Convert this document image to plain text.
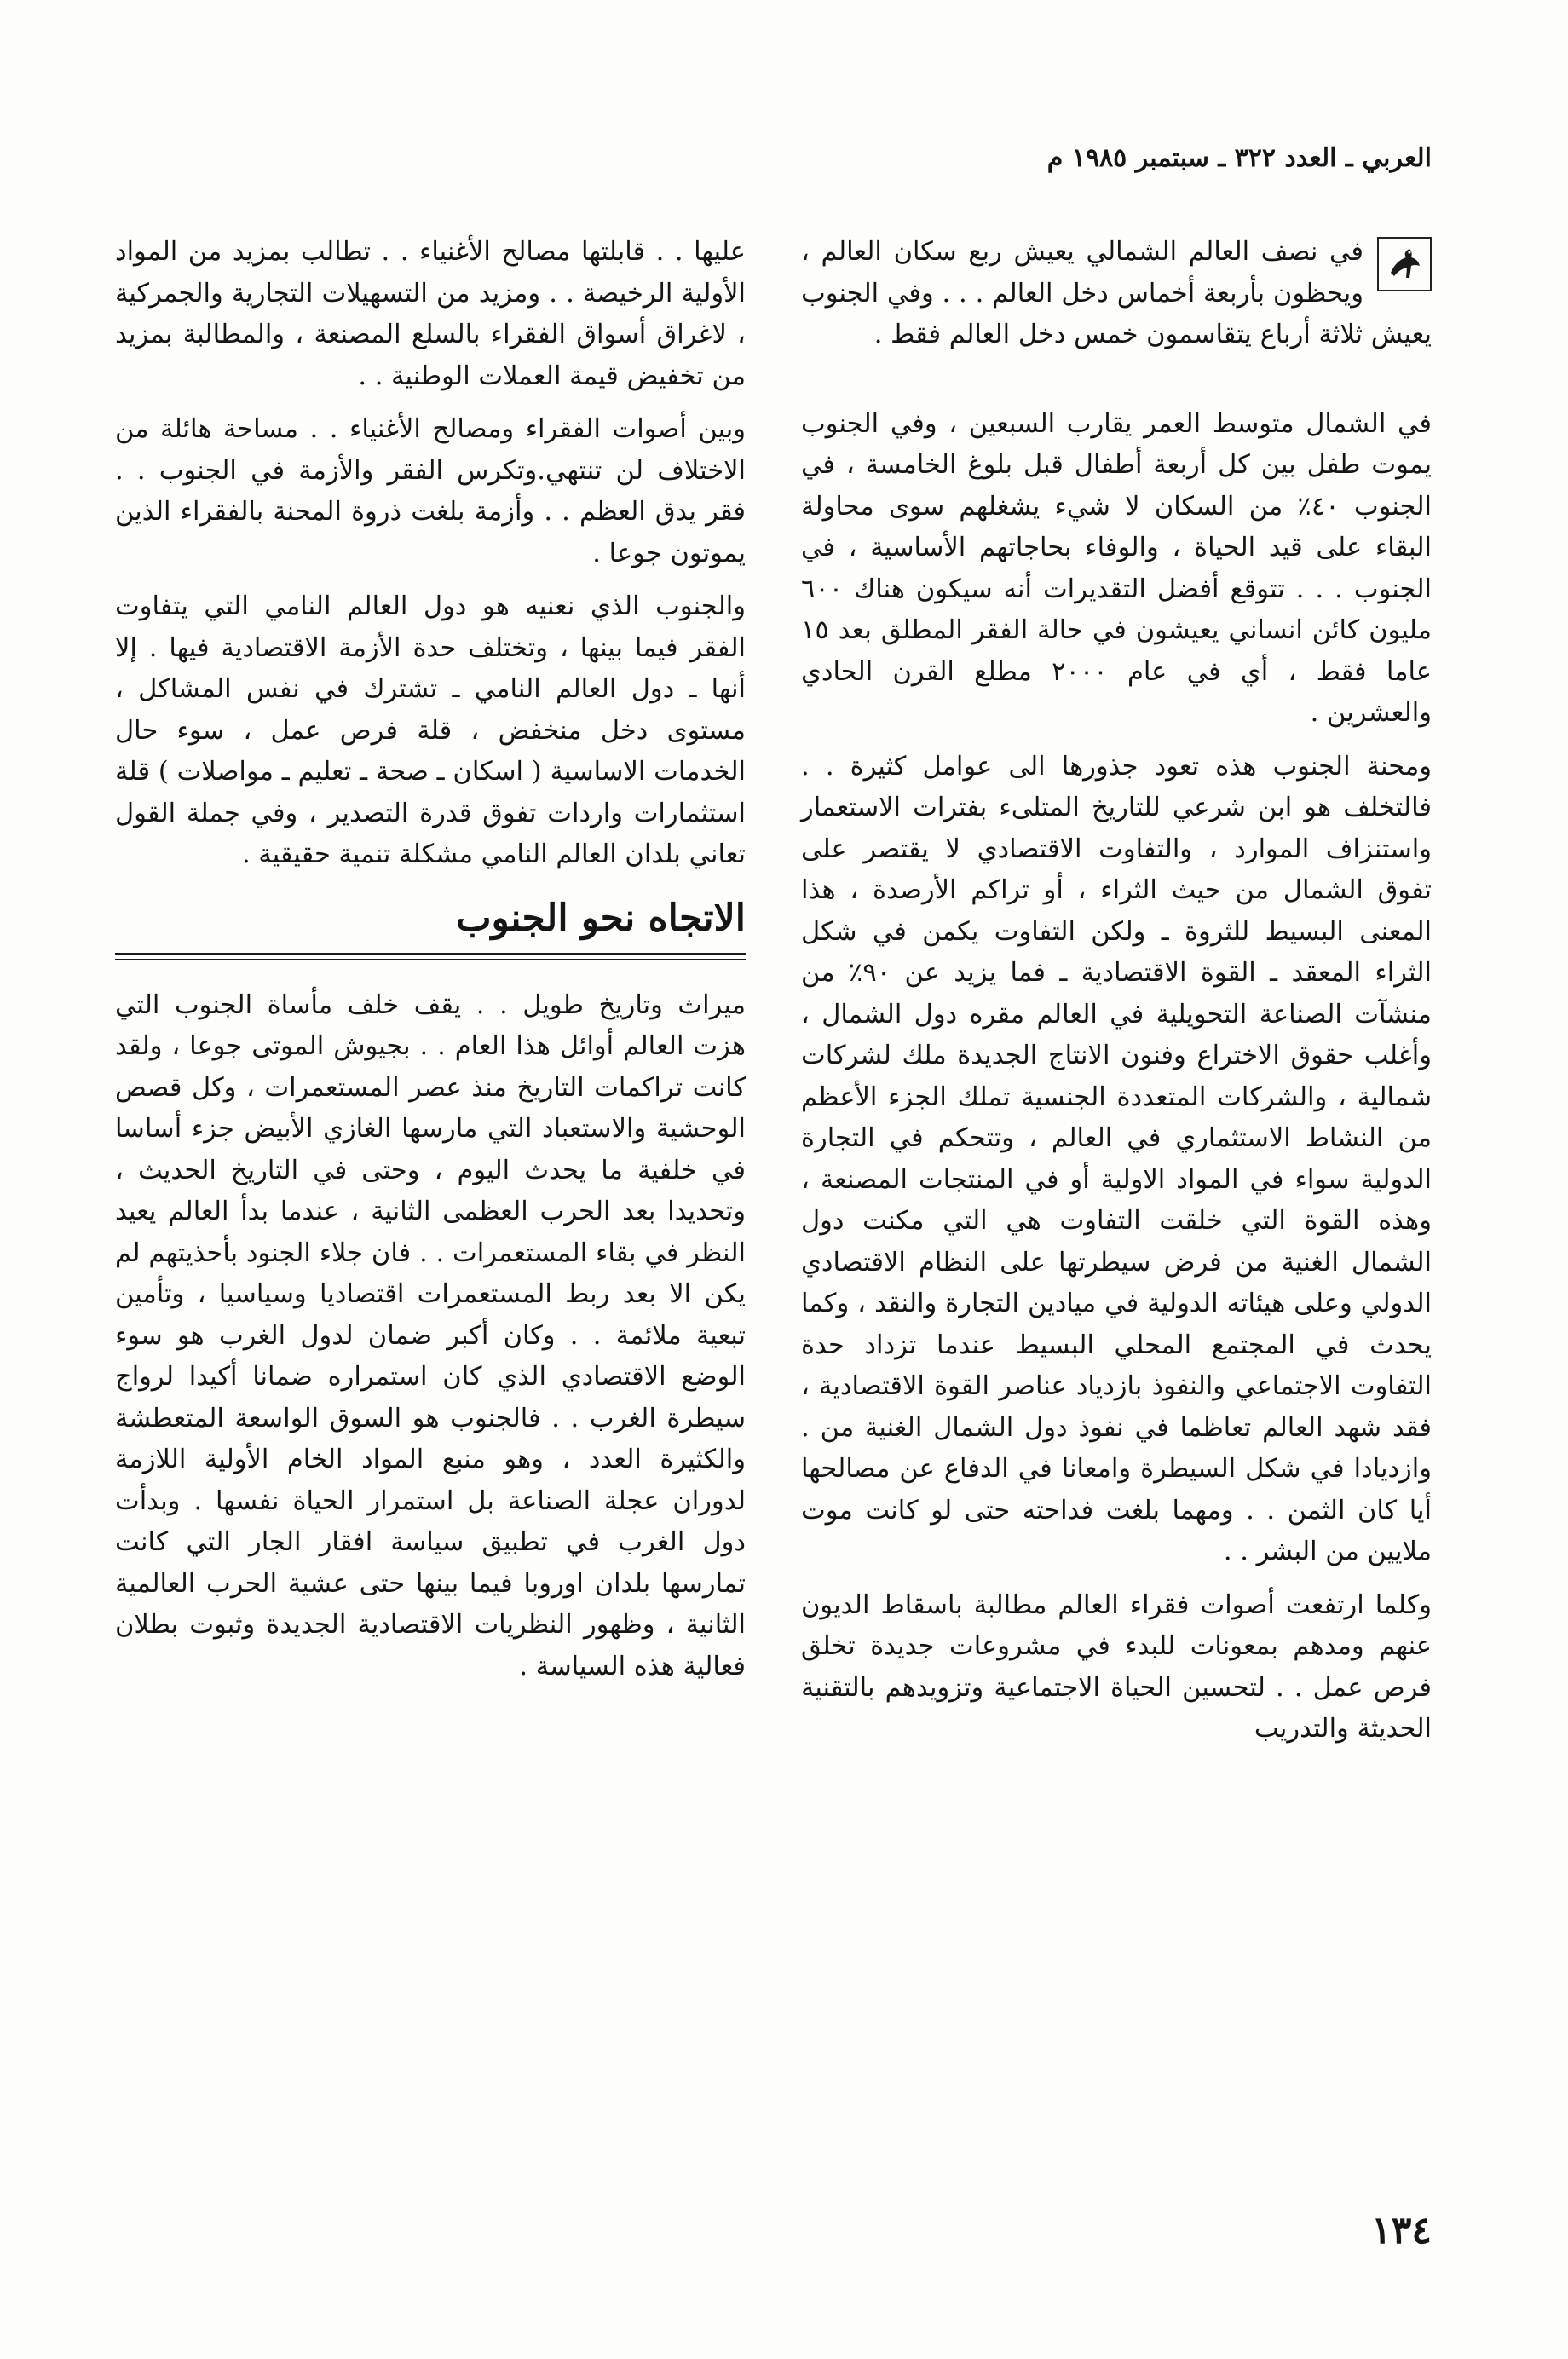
العربي ـ العدد ٣٢٢ ـ سبتمبر ١٩٨٥ م

في نصف العالم الشمالي يعيش ربع سكان العالم ، ويحظون بأربعة أخماس دخل العالم . . . وفي الجنوب يعيش ثلاثة أرباع يتقاسمون خمس دخل العالم فقط .

في الشمال متوسط العمر يقارب السبعين ، وفي الجنوب يموت طفل بين كل أربعة أطفال قبل بلوغ الخامسة ، في الجنوب ٤٠٪ من السكان لا شيء يشغلهم سوى محاولة البقاء على قيد الحياة ، والوفاء بحاجاتهم الأساسية ، في الجنوب . . . تتوقع أفضل التقديرات أنه سيكون هناك ٦٠٠ مليون كائن انساني يعيشون في حالة الفقر المطلق بعد ١٥ عاما فقط ، أي في عام ٢٠٠٠ مطلع القرن الحادي والعشرين .

ومحنة الجنوب هذه تعود جذورها الى عوامل كثيرة . . فالتخلف هو ابن شرعي للتاريخ المتلىء بفترات الاستعمار واستنزاف الموارد ، والتفاوت الاقتصادي لا يقتصر على تفوق الشمال من حيث الثراء ، أو تراكم الأرصدة ، هذا المعنى البسيط للثروة ـ ولكن التفاوت يكمن في شكل الثراء المعقد ـ القوة الاقتصادية ـ فما يزيد عن ٩٠٪ من منشآت الصناعة التحويلية في العالم مقره دول الشمال ، وأغلب حقوق الاختراع وفنون الانتاج الجديدة ملك لشركات شمالية ، والشركات المتعددة الجنسية تملك الجزء الأعظم من النشاط الاستثماري في العالم ، وتتحكم في التجارة الدولية سواء في المواد الاولية أو في المنتجات المصنعة ، وهذه القوة التي خلقت التفاوت هي التي مكنت دول الشمال الغنية من فرض سيطرتها على النظام الاقتصادي الدولي وعلى هيئاته الدولية في ميادين التجارة والنقد ، وكما يحدث في المجتمع المحلي البسيط عندما تزداد حدة التفاوت الاجتماعي والنفوذ بازدياد عناصر القوة الاقتصادية ، فقد شهد العالم تعاظما في نفوذ دول الشمال الغنية من . وازديادا في شكل السيطرة وامعانا في الدفاع عن مصالحها أيا كان الثمن . . ومهما بلغت فداحته حتى لو كانت موت ملايين من البشر . .

وكلما ارتفعت أصوات فقراء العالم مطالبة باسقاط الديون عنهم ومدهم بمعونات للبدء في مشروعات جديدة تخلق فرص عمل . . لتحسين الحياة الاجتماعية وتزويدهم بالتقنية الحديثة والتدريب

عليها . . قابلتها مصالح الأغنياء . . تطالب بمزيد من المواد الأولية الرخيصة . . ومزيد من التسهيلات التجارية والجمركية ، لاغراق أسواق الفقراء بالسلع المصنعة ، والمطالبة بمزيد من تخفيض قيمة العملات الوطنية . .

وبين أصوات الفقراء ومصالح الأغنياء . . مساحة هائلة من الاختلاف لن تنتهي.وتكرس الفقر والأزمة في الجنوب . . فقر يدق العظم . . وأزمة بلغت ذروة المحنة بالفقراء الذين يموتون جوعا .

والجنوب الذي نعنيه هو دول العالم النامي التي يتفاوت الفقر فيما بينها ، وتختلف حدة الأزمة الاقتصادية فيها . إلا أنها ـ دول العالم النامي ـ تشترك في نفس المشاكل ، مستوى دخل منخفض ، قلة فرص عمل ، سوء حال الخدمات الاساسية ( اسكان ـ صحة ـ تعليم ـ مواصلات ) قلة استثمارات واردات تفوق قدرة التصدير ، وفي جملة القول تعاني بلدان العالم النامي مشكلة تنمية حقيقية .

الاتجاه نحو الجنوب

ميراث وتاريخ طويل . . يقف خلف مأساة الجنوب التي هزت العالم أوائل هذا العام . . بجيوش الموتى جوعا ، ولقد كانت تراكمات التاريخ منذ عصر المستعمرات ، وكل قصص الوحشية والاستعباد التي مارسها الغازي الأبيض جزء أساسا في خلفية ما يحدث اليوم ، وحتى في التاريخ الحديث ، وتحديدا بعد الحرب العظمى الثانية ، عندما بدأ العالم يعيد النظر في بقاء المستعمرات . . فان جلاء الجنود بأحذيتهم لم يكن الا بعد ربط المستعمرات اقتصاديا وسياسيا ، وتأمين تبعية ملائمة . . وكان أكبر ضمان لدول الغرب هو سوء الوضع الاقتصادي الذي كان استمراره ضمانا أكيدا لرواج سيطرة الغرب . . فالجنوب هو السوق الواسعة المتعطشة والكثيرة العدد ، وهو منبع المواد الخام الأولية اللازمة لدوران عجلة الصناعة بل استمرار الحياة نفسها . وبدأت دول الغرب في تطبيق سياسة افقار الجار التي كانت تمارسها بلدان اوروبا فيما بينها حتى عشية الحرب العالمية الثانية ، وظهور النظريات الاقتصادية الجديدة وثبوت بطلان فعالية هذه السياسة .

١٣٤
